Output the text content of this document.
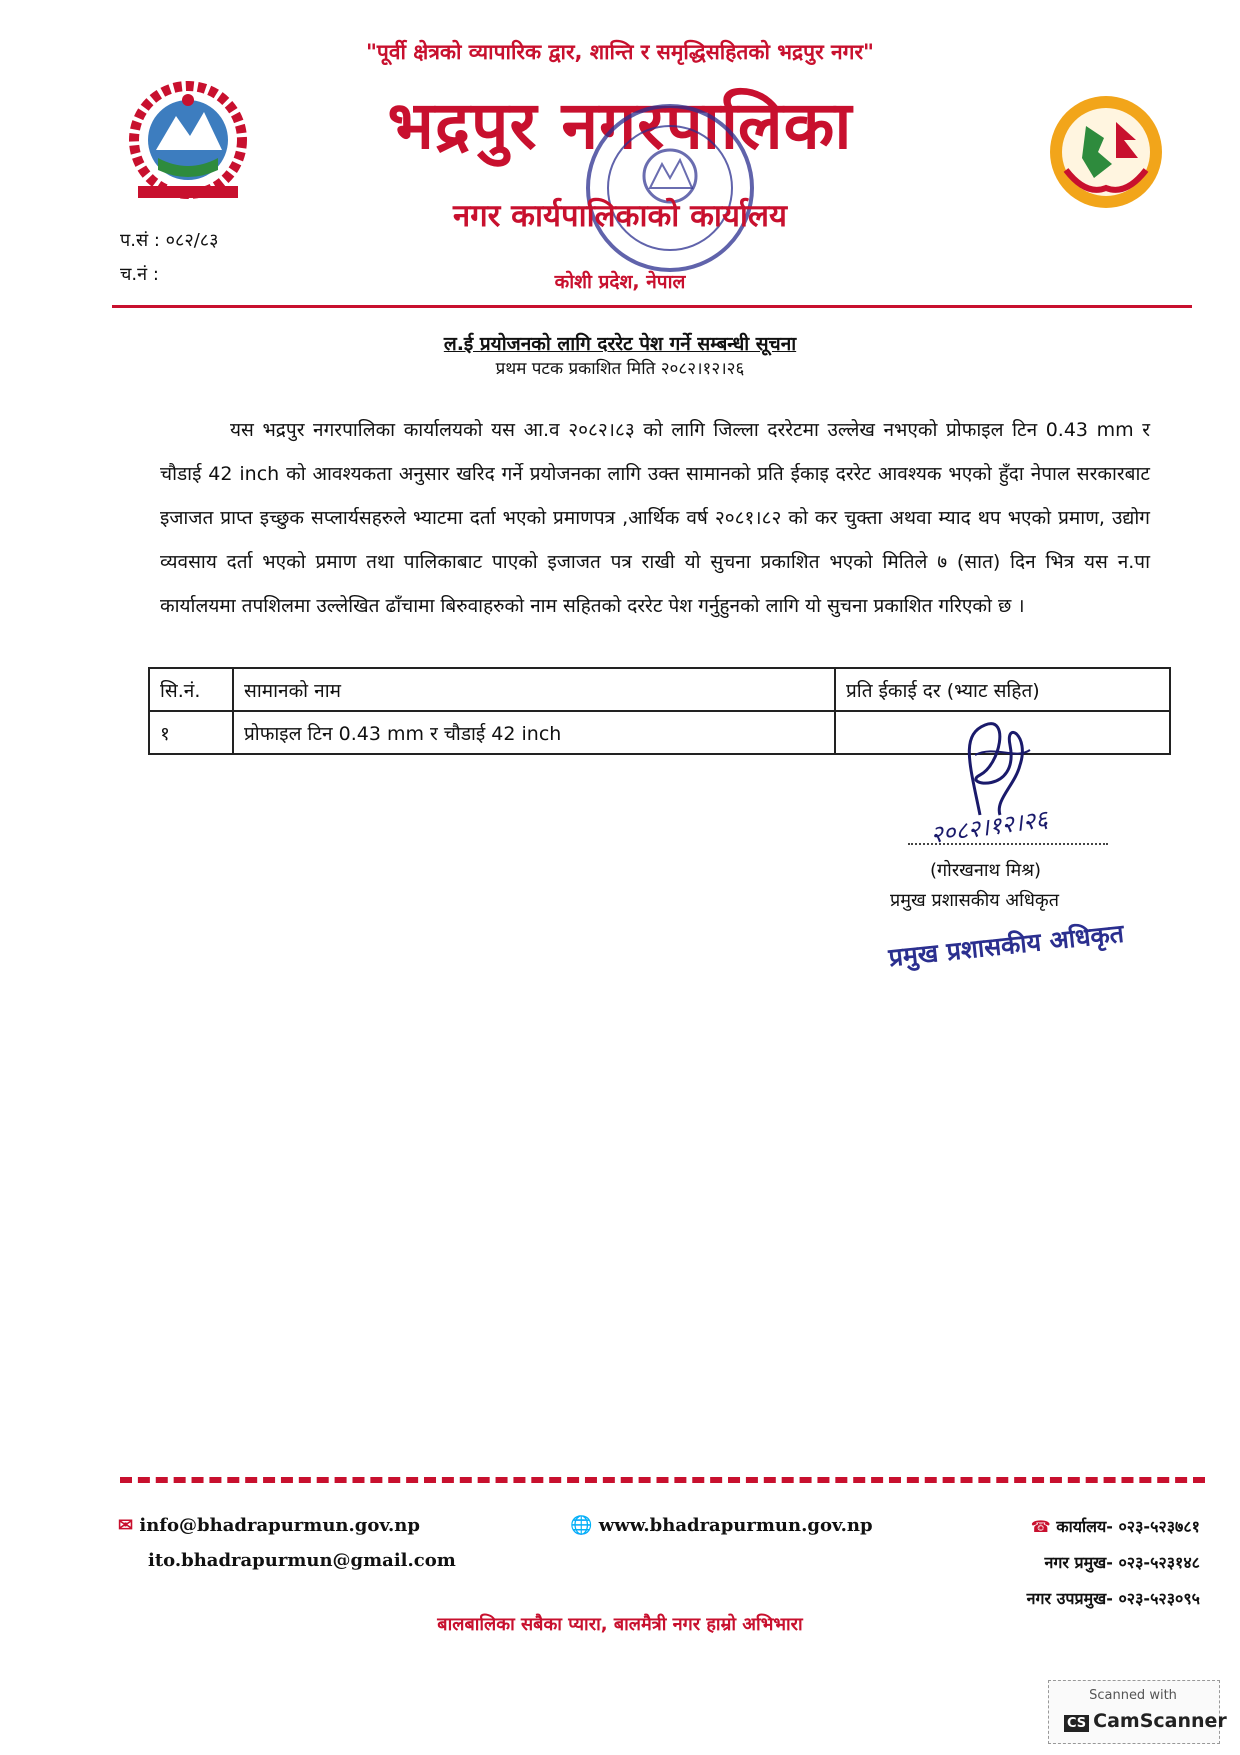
"पूर्वी क्षेत्रको व्यापारिक द्वार, शान्ति र समृद्धिसहितको भद्रपुर नगर"
भद्रपुर नगरपालिका
नगर कार्यपालिकाको कार्यालय
प.सं : ०८२/८३
च.नं :	कोशी प्रदेश, नेपाल
ल.ई प्रयोजनको लागि दररेट पेश गर्ने सम्बन्धी सूचना
प्रथम पटक प्रकाशित मिति २०८२।१२।२६
यस भद्रपुर नगरपालिका कार्यालयको यस आ.व २०८२।८३ को लागि जिल्ला दररेटमा उल्लेख नभएको प्रोफाइल टिन 0.43 mm र चौडाई 42 inch को आवश्यकता अनुसार खरिद गर्ने प्रयोजनका लागि उक्त सामानको प्रति ईकाइ दररेट आवश्यक भएको हुँदा नेपाल सरकारबाट इजाजत प्राप्त इच्छुक सप्लार्यसहरुले भ्याटमा दर्ता भएको प्रमाणपत्र ,आर्थिक वर्ष २०८१।८२ को कर चुक्ता अथवा म्याद थप भएको प्रमाण, उद्योग व्यवसाय दर्ता भएको प्रमाण तथा पालिकाबाट पाएको इजाजत पत्र राखी यो सुचना प्रकाशित भएको मितिले ७ (सात) दिन भित्र यस न.पा कार्यालयमा तपशिलमा उल्लेखित ढाँचामा बिरुवाहरुको नाम सहितको दररेट पेश गर्नुहुनको लागि यो सुचना प्रकाशित गरिएको छ ।
सि.नं.	सामानको नाम	प्रति ईकाई दर (भ्याट सहित)
१	प्रोफाइल टिन 0.43 mm र चौडाई 42 inch	
२०८२।१२।२६
(गोरखनाथ मिश्र)
प्रमुख प्रशासकीय अधिकृत
प्रमुख प्रशासकीय अधिकृत
✉ info@bhadrapurmun.gov.np
ito.bhadrapurmun@gmail.com
🌐 www.bhadrapurmun.gov.np	☎ कार्यालय- ०२३-५२३७८१
नगर प्रमुख- ०२३-५२३१४८
नगर उपप्रमुख- ०२३-५२३०९५
बालबालिका सबैका प्यारा, बालमैत्री नगर हाम्रो अभिभारा
Scanned with
CS CamScanner
